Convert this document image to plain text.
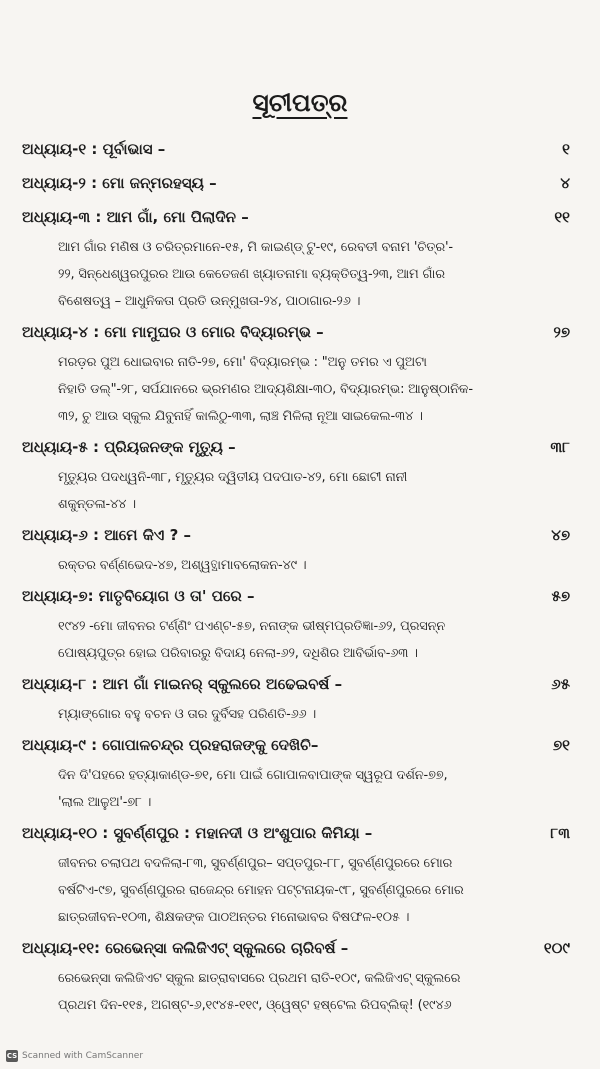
ସୂଚୀପତ୍ର
ଅଧ୍ୟାୟ-୧ : ପୂର୍ବାଭାସ –	୧
ଅଧ୍ୟାୟ-୨ : ମୋ ଜନ୍ମରହସ୍ୟ –	୪
ଅଧ୍ୟାୟ-୩ : ଆମ ଗାଁ, ମୋ ପିଲାଦିନ –	୧୧
ଆମ ଗାଁର ମଣିଷ ଓ ଚରିତ୍ରମାନେ-୧୫, ମି କାଇଣ୍ଡ୍ ଟୁ-୧୯, ରେବତୀ ବନାମ 'ଚିତ୍ର'-
୨୨, ସିନ୍ଧେଶ୍ୱରପୁରର ଆଉ କେତେଜଣ ଖ୍ୟାତନାମା ବ୍ୟକ୍ତିତ୍ୱ-୨୩, ଆମ ଗାଁର
ବିଶେଷତ୍ୱ – ଆଧୁନିକତା ପ୍ରତି ଉନ୍ମୁଖତା-୨୪, ପାଠାଗାର-୨୬ ।
ଅଧ୍ୟାୟ-୪ : ମୋ ମାମୁଘର ଓ ମୋର ବିଦ୍ୟାରମ୍ଭ –	୨୭
ମରଡ଼ର ପୁଅ ଧୋଇବାର ନାତି-୨୭, ମୋ' ବିଦ୍ୟାରମ୍ଭ : "ଅନୁ ତମର ଏ ପୁଅଟା
ନିହାତି ଡଲ୍"-୨୮, ସର୍ପଯାନରେ ଭ୍ରମଣର ଆଦ୍ୟଶିକ୍ଷା-୩୦, ବିଦ୍ୟାରମ୍ଭ: ଆନୁଷ୍ଠାନିକ-
୩୨, ଚୁ ଆଉ ସ୍କୁଲ ଯିବୁନାହିଁ କାଲିଠୁ-୩୩, ଲାଞ୍ଚ ମିଳିଲା ନୂଆ ସାଇକେଲ-୩୪ ।
ଅଧ୍ୟାୟ-୫ : ପ୍ରିୟଜନଙ୍କ ମୃତ୍ୟୁ –	୩୮
ମୃତ୍ୟୁର ପଦଧ୍ୱନି-୩୮, ମୃତ୍ୟୁର ଦ୍ୱିତୀୟ ପଦପାତ-୪୨, ମୋ ଛୋଟୀ ନାନୀ
ଶକୁନ୍ତଳା-୪୪ ।
ଅଧ୍ୟାୟ-୬ : ଆମେ କିଏ ? –	୪୭
ରକ୍ତର ବର୍ଣ୍ଣଭେଦ-୪୭, ଅଶ୍ୱତ୍ଥାମାବଲୋକନ-୪୯ ।
ଅଧ୍ୟାୟ-୭: ମାତୃବିୟୋଗ ଓ ତା' ପରେ –	୫୭
୧୯୪୨ -ମୋ ଜୀବନର ଟର୍ଣ୍ଣିଂ ପଏଣ୍ଟ-୫୭, ନନାଙ୍କ ଭୀଷ୍ମପ୍ରତିଜ୍ଞା-୬୨, ପ୍ରସନ୍ନ
ପୋଷ୍ୟପୁତ୍ର ହୋଇ ପରିବାରରୁ ବିଦାୟ ନେଲା-୬୨, ଦଧିଶିର ଆବିର୍ଭାବ-୬୩ ।
ଅଧ୍ୟାୟ-୮ : ଆମ ଗାଁ ମାଇନର୍ ସ୍କୁଲରେ ଅଢେଇବର୍ଷ –	୬୫
ମ୍ୟାଙ୍ଗୋର ବହୁ ବଚନ ଓ ତାର ଦୁର୍ବିସହ ପରିଣତି-୬୬ ।
ଅଧ୍ୟାୟ-୯ : ଗୋପାଳଚନ୍ଦ୍ର ପ୍ରହରାଜଙ୍କୁ ଦେଖିଚି–	୭୧
ଦିନ ଦି'ପହରେ ହତ୍ୟାକାଣ୍ଡ-୭୧, ମୋ ପାଇଁ ଗୋପାଳବାପାଙ୍କ ସ୍ୱରୂପ ଦର୍ଶନ-୭୭,
'ଲାଲ ଆଳୁଅ'-୭୮ ।
ଅଧ୍ୟାୟ-୧୦ : ସୁବର୍ଣ୍ଣପୁର : ମହାନଦୀ ଓ ଅଂଶୁପାର କିମିୟା –	୮୩
ଜୀବନର ଚଲାପଥ ବଦଳିଲା-୮୩, ସୁବର୍ଣ୍ଣପୁର– ସପ୍ତପୁର-୮୮, ସୁବର୍ଣ୍ଣପୁରରେ ମୋର
ବର୍ଷଟିଏ-୯୭, ସୁବର୍ଣ୍ଣପୁରର ରାଜେନ୍ଦ୍ର ମୋହନ ପଟ୍ଟନାୟକ-୯୮, ସୁବର୍ଣ୍ଣପୁରରେ ମୋର
ଛାତ୍ରଜୀବନ-୧୦୩, ଶିକ୍ଷକଙ୍କ ପାଠଅନ୍ତର ମନୋଭାବର ବିଷଫଳ-୧୦୫ ।
ଅଧ୍ୟାୟ-୧୧: ରେଭେନ୍ସା କଲିଜିଏଟ୍ ସ୍କୁଲରେ ଚାରିବର୍ଷ –	୧୦୯
ରେଭେନ୍ସା କଲିଜିଏଟ ସ୍କୁଲ ଛାତ୍ରାବାସରେ ପ୍ରଥମ ରାତି-୧୦୯, କଲିଜିଏଟ୍ ସ୍କୁଲରେ
ପ୍ରଥମ ଦିନ-୧୧୫, ଅଗଷ୍ଟ-୬,୧୯୪୫-୧୧୯, ଓ୍ୱେଷ୍ଟ ହଷ୍ଟେଲ ରିପବ୍ଲିକ୍! (୧୯୪୬
CS Scanned with CamScanner
